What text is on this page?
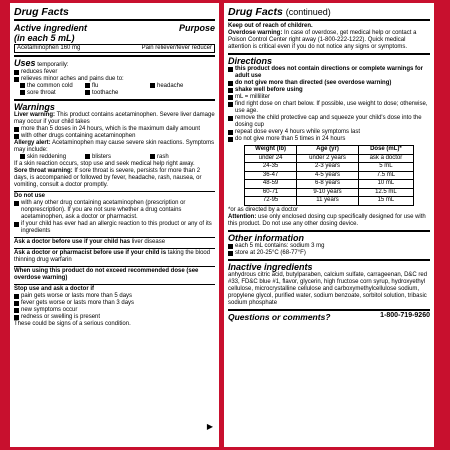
Drug Facts
Active ingredient	Purpose
(in each 5 mL)
Acetaminophen 160 mg	Pain reliever/fever reducer
Uses temporarily:
reduces fever
relieves minor aches and pains due to:
the common cold	flu	headache
sore throat	toothache
Warnings
Liver warning: This product contains acetaminophen. Severe liver damage may occur if your child takes
more than 5 doses in 24 hours, which is the maximum daily amount
with other drugs containing acetaminophen
Allergy alert: Acetaminophen may cause severe skin reactions. Symptoms may include:
skin reddening	blisters	rash
If a skin reaction occurs, stop use and seek medical help right away.
Sore throat warning: If sore throat is severe, persists for more than 2 days, is accompanied or followed by fever, headache, rash, nausea, or vomiting, consult a doctor promptly.
Do not use
with any other drug containing acetaminophen (prescription or nonprescription). If you are not sure whether a drug contains acetaminophen, ask a doctor or pharmacist.
if your child has ever had an allergic reaction to this product or any of its ingredients
Ask a doctor before use if your child has liver disease
Ask a doctor or pharmacist before use if your child is taking the blood thinning drug warfarin
When using this product do not exceed recommended dose (see overdose warning)
Stop use and ask a doctor if
pain gets worse or lasts more than 5 days
fever gets worse or lasts more than 3 days
new symptoms occur
redness or swelling is present
These could be signs of a serious condition.
▶
Drug Facts (continued)
Keep out of reach of children.
Overdose warning: In case of overdose, get medical help or contact a Poison Control Center right away (1-800-222-1222). Quick medical attention is critical even if you do not notice any signs or symptoms.
Directions
this product does not contain directions or complete warnings for adult use
do not give more than directed (see overdose warning)
shake well before using
mL = milliliter
find right dose on chart below. If possible, use weight to dose; otherwise, use age.
remove the child protective cap and squeeze your child's dose into the dosing cup
repeat dose every 4 hours while symptoms last
do not give more than 5 times in 24 hours
Weight (lb)	Age (yr)	Dose (mL)*
under 24	under 2 years	ask a doctor
24-35	2-3 years	5 mL
36-47	4-5 years	7.5 mL
48-59	6-8 years	10 mL
60-71	9-10 years	12.5 mL
72-95	11 years	15 mL
*or as directed by a doctor
Attention: use only enclosed dosing cup specifically designed for use with this product. Do not use any other dosing device.
Other information
each 5 mL contains: sodium 3 mg
store at 20-25°C (68-77°F)
Inactive ingredients
anhydrous citric acid, butylparaben, calcium sulfate, carrageenan, D&C red #33, FD&C blue #1, flavor, glycerin, high fructose corn syrup, hydroxyethyl cellulose, microcrystalline cellulose and carboxymethylcellulose sodium, propylene glycol, purified water, sodium benzoate, sorbitol solution, tribasic sodium phosphate
Questions or comments?	1-800-719-9260
